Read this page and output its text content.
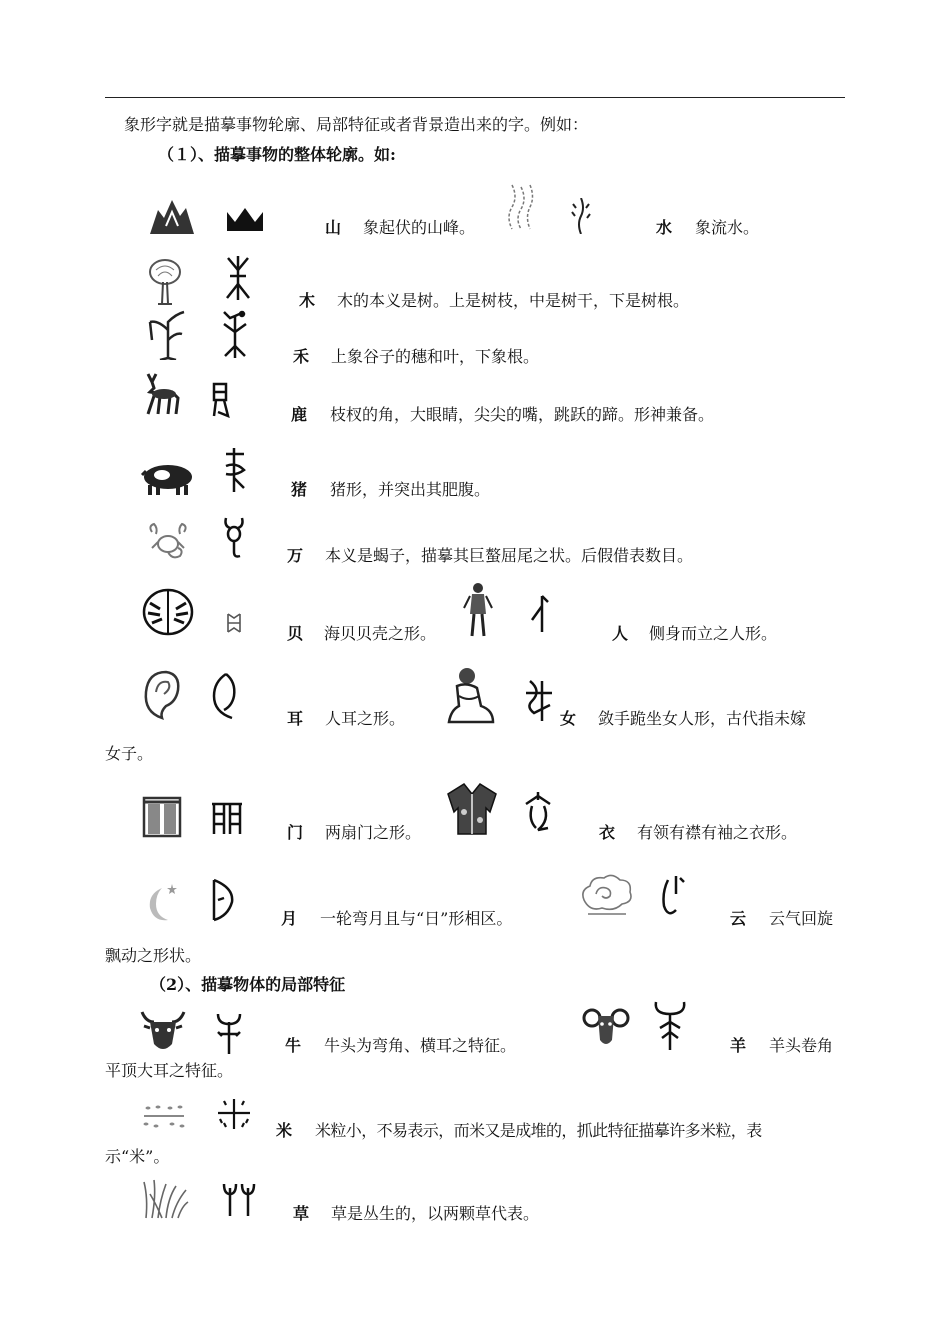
象形字就是描摹事物轮廓、局部特征或者背景造出来的字。例如：
（１）、描摹事物的整体轮廓。如:
山 象起伏的山峰。	水 象流水。
木 木的本义是树。上是树枝，中是树干，下是树根。
禾 上象谷子的穗和叶，下象根。
鹿 枝杈的角，大眼睛，尖尖的嘴，跳跃的蹄。形神兼备。
猪 猪形，并突出其肥腹。
万 本义是蝎子，描摹其巨螯屈尾之状。后假借表数目。
贝 海贝贝壳之形。	人 侧身而立之人形。
耳 人耳之形。	女 敛手跪坐女人形，古代指未嫁
女子。
门 两扇门之形。	衣 有领有襟有袖之衣形。
月 一轮弯月且与“日”形相区。	云 云气回旋
飘动之形状。
（2）、描摹物体的局部特征
牛 牛头为弯角、横耳之特征。	羊 羊头卷角
平顶大耳之特征。
米 米粒小，不易表示，而米又是成堆的，抓此特征描摹许多米粒，表
示“米”。
草 草是丛生的，以两颗草代表。
